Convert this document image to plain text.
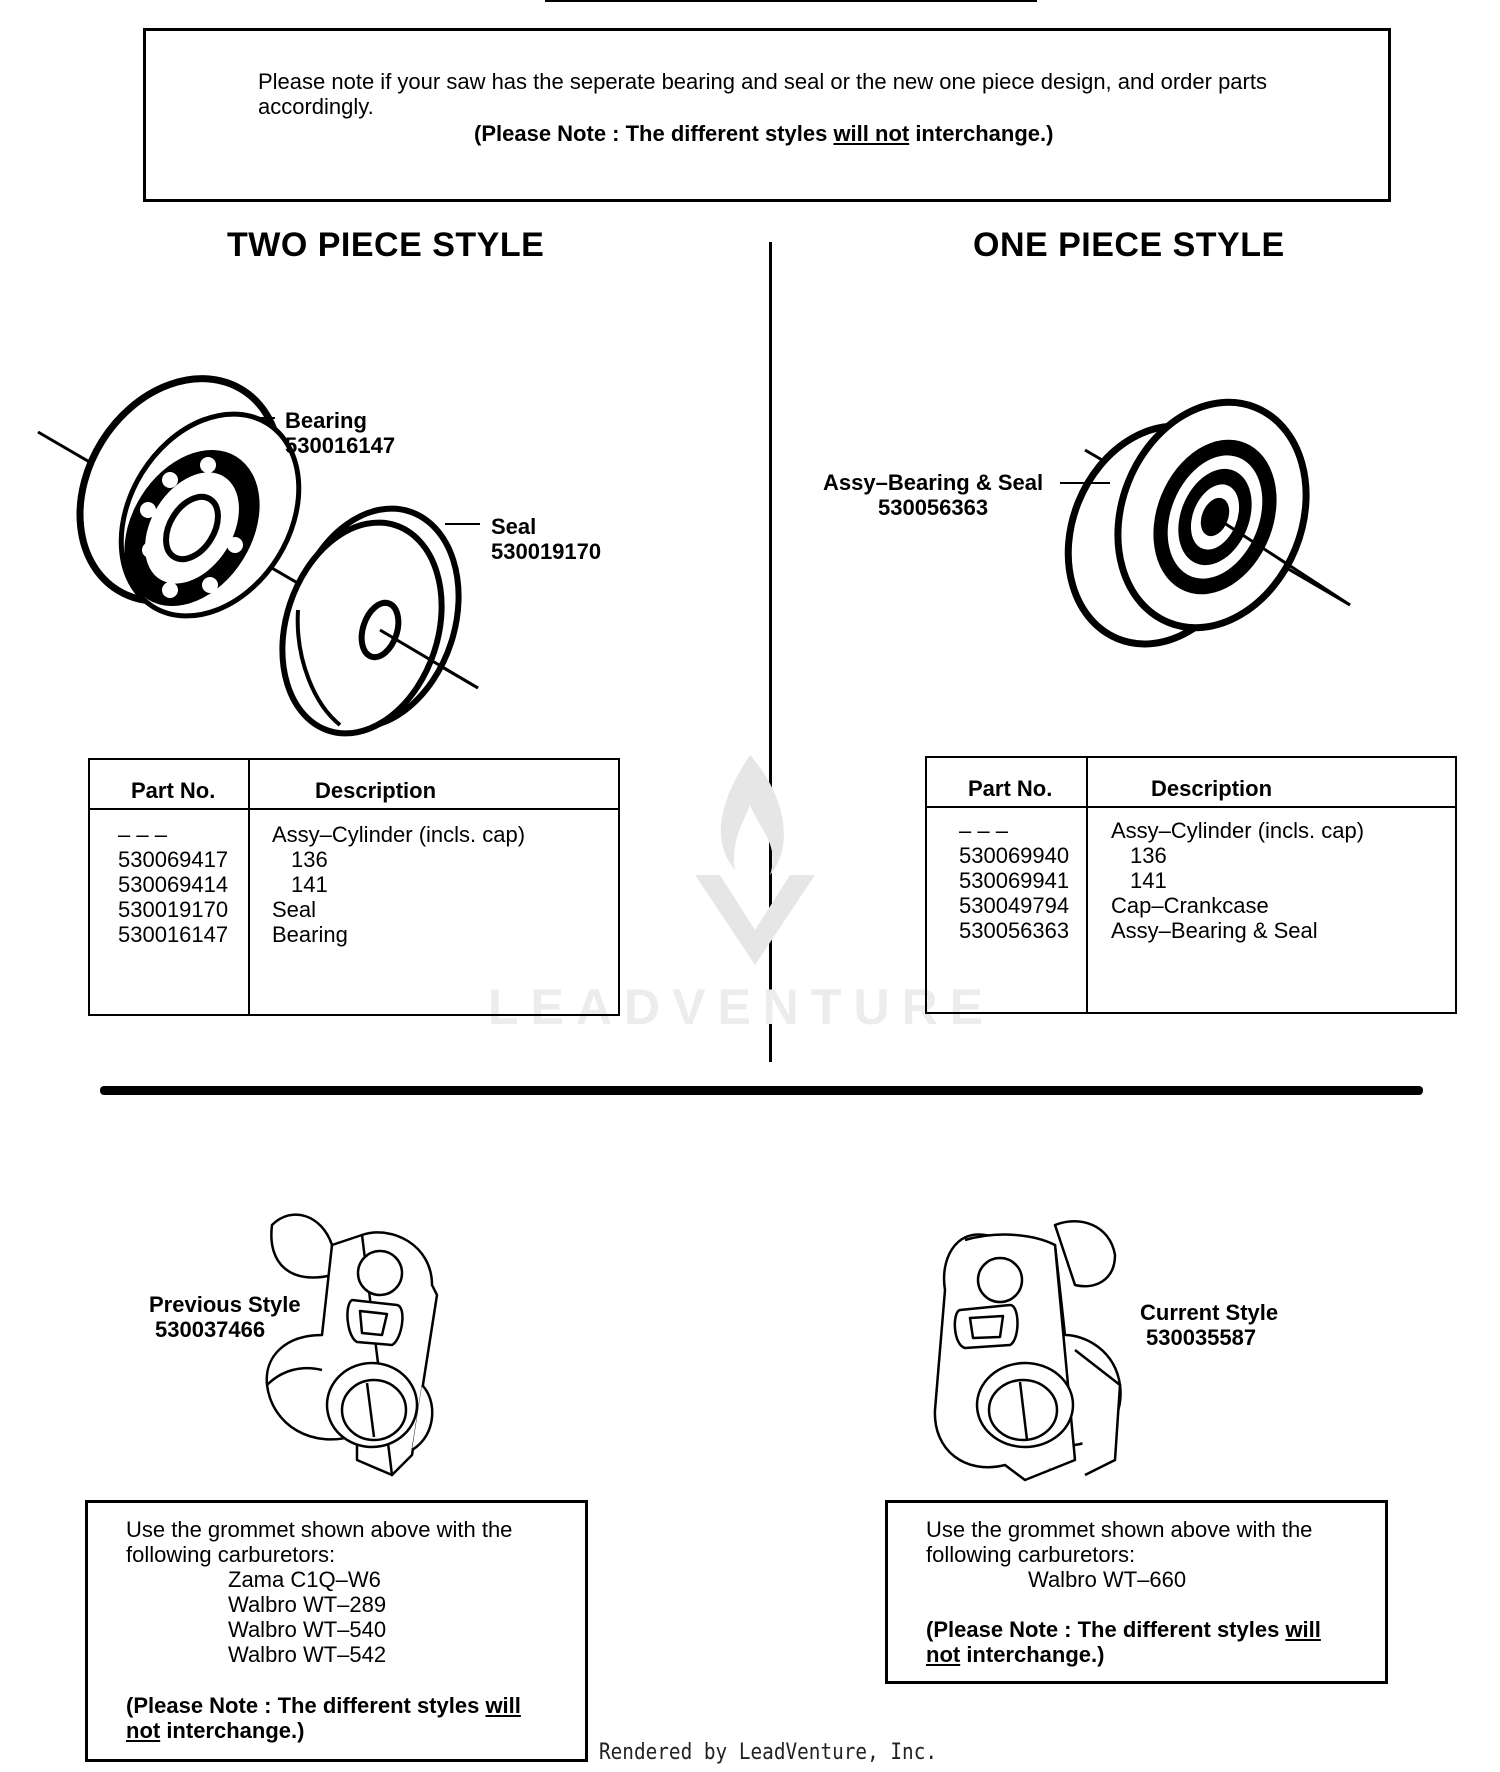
Please note if your saw has the seperate bearing and seal or the new one piece design, and order parts accordingly.
(Please Note : The different styles will not interchange.)
TWO PIECE STYLE	ONE PIECE STYLE
LEADVENTURE
Bearing
530016147
Seal
530019170
Assy–Bearing & Seal
530056363
Part No.	Description
– – –	Assy–Cylinder (incls. cap)
530069417	136
530069414	141
530019170 Seal
530016147 Bearing
Part No.	Description
– – –	Assy–Cylinder (incls. cap)
530069940	136
530069941	141
530049794 Cap–Crankcase
530056363 Assy–Bearing & Seal
Previous Style
530037466
Current Style
530035587
Use the grommet shown above with the following carburetors:
Zama C1Q–W6
Walbro WT–289
Walbro WT–540
Walbro WT–542
(Please Note : The different styles will
not interchange.)
Use the grommet shown above with the following carburetors:
Walbro WT–660
(Please Note : The different styles will
not interchange.)
Rendered by LeadVenture, Inc.
